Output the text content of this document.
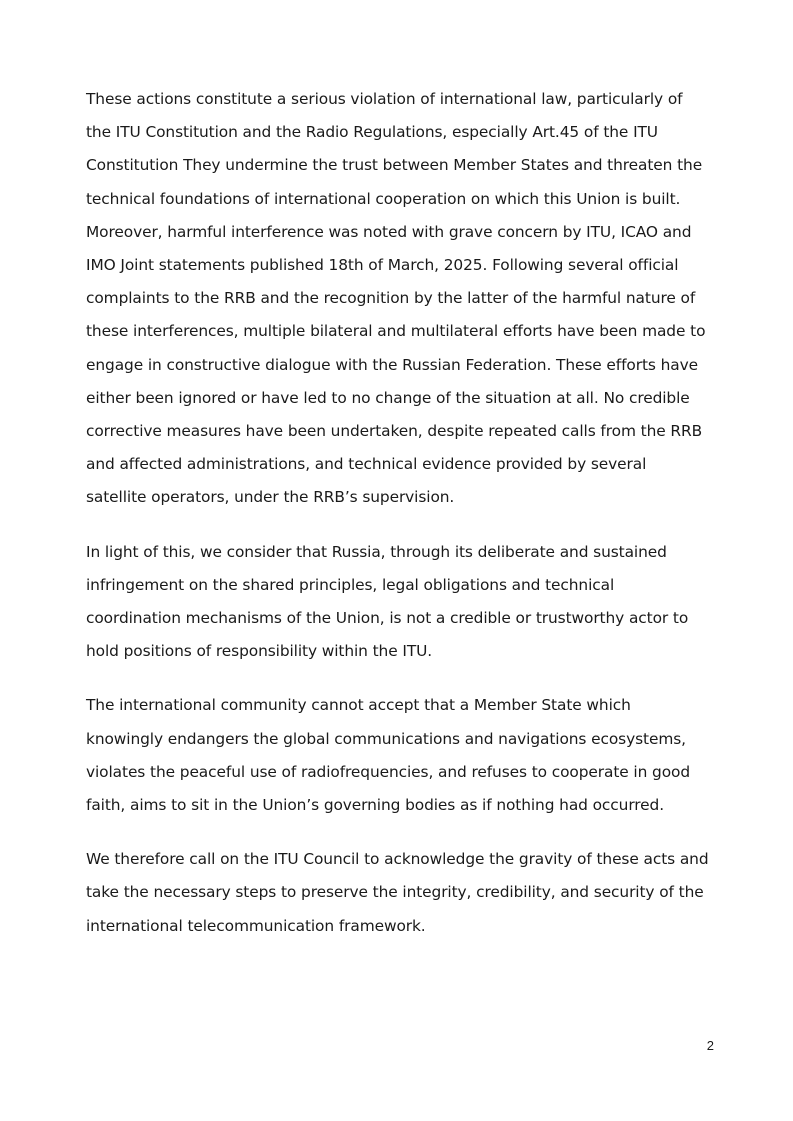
These actions constitute a serious violation of international law, particularly of the ITU Constitution and the Radio Regulations, especially Art.45 of the ITU Constitution They undermine the trust between Member States and threaten the technical foundations of international cooperation on which this Union is built. Moreover, harmful interference was noted with grave concern by ITU, ICAO and IMO Joint statements published 18th of March, 2025. Following several official complaints to the RRB and the recognition by the latter of the harmful nature of these interferences, multiple bilateral and multilateral efforts have been made to engage in constructive dialogue with the Russian Federation. These efforts have either been ignored or have led to no change of the situation at all. No credible corrective measures have been undertaken, despite repeated calls from the RRB and affected administrations, and technical evidence provided by several satellite operators, under the RRB’s supervision.

In light of this, we consider that Russia, through its deliberate and sustained infringement on the shared principles, legal obligations and technical coordination mechanisms of the Union, is not a credible or trustworthy actor to hold positions of responsibility within the ITU.

The international community cannot accept that a Member State which knowingly endangers the global communications and navigations ecosystems, violates the peaceful use of radiofrequencies, and refuses to cooperate in good faith, aims to sit in the Union’s governing bodies as if nothing had occurred.

We therefore call on the ITU Council to acknowledge the gravity of these acts and take the necessary steps to preserve the integrity, credibility, and security of the international telecommunication framework.

2
